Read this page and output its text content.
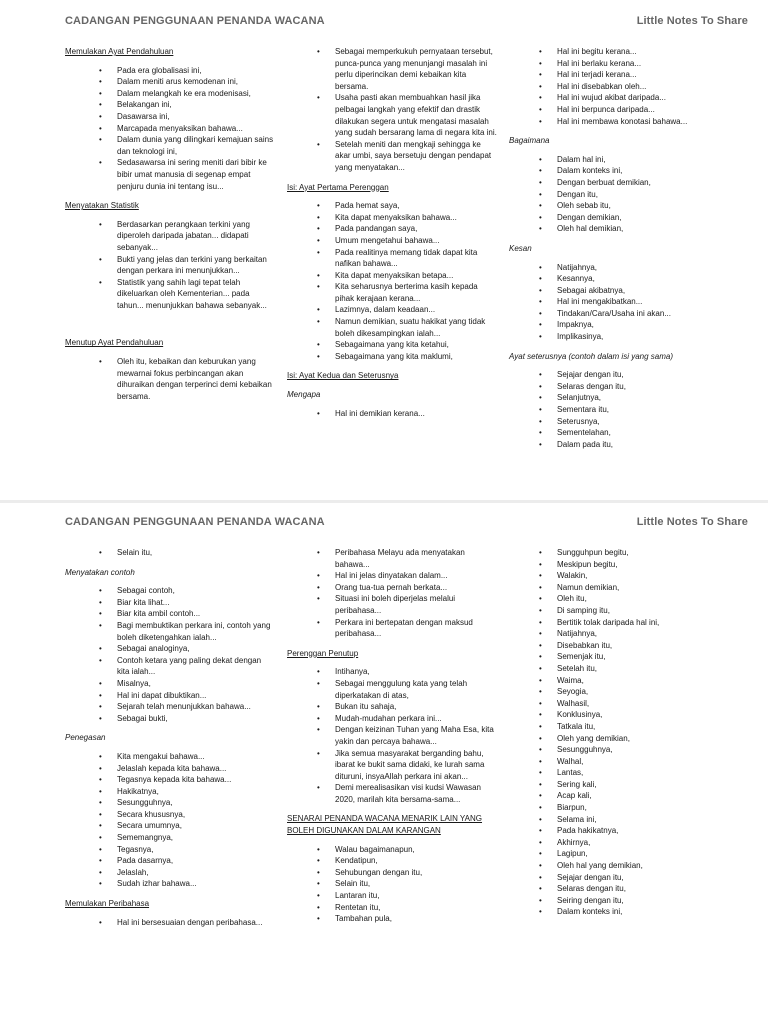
CADANGAN PENGGUNAAN PENANDA WACANA	Little Notes To Share
Memulakan Ayat Pendahuluan
• Pada era globalisasi ini,
• Dalam meniti arus kemodenan ini,
• Dalam melangkah ke era modenisasi,
• Belakangan ini,
• Dasawarsa ini,
• Marcapada menyaksikan bahawa...
• Dalam dunia yang dilingkari kemajuan sains dan teknologi ini,
• Sedasawarsa ini sering meniti dari bibir ke bibir umat manusia di segenap empat penjuru dunia ini tentang isu...
Menyatakan Statistik
• Berdasarkan perangkaan terkini yang diperoleh daripada jabatan... didapati sebanyak...
• Bukti yang jelas dan terkini yang berkaitan dengan perkara ini menunjukkan...
• Statistik yang sahih lagi tepat telah dikeluarkan oleh Kementerian... pada tahun... menunjukkan bahawa sebanyak...
Menutup Ayat Pendahuluan
• Oleh itu, kebaikan dan keburukan yang mewarnai fokus perbincangan akan dihuraikan dengan terperinci demi kebaikan bersama.
• Sebagai memperkukuh pernyataan tersebut, punca-punca yang menunjangi masalah ini perlu diperincikan demi kebaikan kita bersama.
• Usaha pasti akan membuahkan hasil jika pelbagai langkah yang efektif dan drastik dilakukan segera untuk mengatasi masalah yang sudah bersarang lama di negara kita ini.
• Setelah meniti dan mengkaji sehingga ke akar umbi, saya bersetuju dengan pendapat yang menyatakan...
Isi: Ayat Pertama Perenggan
• Pada hemat saya,
• Kita dapat menyaksikan bahawa...
• Pada pandangan saya,
• Umum mengetahui bahawa...
• Pada realitinya memang tidak dapat kita nafikan bahawa...
• Kita dapat menyaksikan betapa...
• Kita seharusnya berterima kasih kepada pihak kerajaan kerana...
• Lazimnya, dalam keadaan...
• Namun demikian, suatu hakikat yang tidak boleh dikesampingkan ialah...
• Sebagaimana yang kita ketahui,
• Sebagaimana yang kita maklumi,
Isi: Ayat Kedua dan Seterusnya
Mengapa
• Hal ini demikian kerana...
• Hal ini begitu kerana...
• Hal ini berlaku kerana...
• Hal ini terjadi kerana...
• Hal ini disebabkan oleh...
• Hal ini wujud akibat daripada...
• Hal ini berpunca daripada...
• Hal ini membawa konotasi bahawa...
Bagaimana
• Dalam hal ini,
• Dalam konteks ini,
• Dengan berbuat demikian,
• Dengan itu,
• Oleh sebab itu,
• Dengan demikian,
• Oleh hal demikian,
Kesan
• Natijahnya,
• Kesannya,
• Sebagai akibatnya,
• Hal ini mengakibatkan...
• Tindakan/Cara/Usaha ini akan...
• Impaknya,
• Implikasinya,
Ayat seterusnya (contoh dalam isi yang sama)
• Sejajar dengan itu,
• Selaras dengan itu,
• Selanjutnya,
• Sementara itu,
• Seterusnya,
• Sementelahan,
• Dalam pada itu,
CADANGAN PENGGUNAAN PENANDA WACANA	Little Notes To Share
• Selain itu,
Menyatakan contoh
• Sebagai contoh,
• Biar kita lihat...
• Biar kita ambil contoh...
• Bagi membuktikan perkara ini, contoh yang boleh diketengahkan ialah...
• Sebagai analoginya,
• Contoh ketara yang paling dekat dengan kita ialah...
• Misalnya,
• Hal ini dapat dibuktikan...
• Sejarah telah menunjukkan bahawa...
• Sebagai bukti,
Penegasan
• Kita mengakui bahawa...
• Jelaslah kepada kita bahawa...
• Tegasnya kepada kita bahawa...
• Hakikatnya,
• Sesungguhnya,
• Secara khususnya,
• Secara umumnya,
• Sememangnya,
• Tegasnya,
• Pada dasarnya,
• Jelaslah,
• Sudah izhar bahawa...
Memulakan Peribahasa
• Hal ini bersesuaian dengan peribahasa...
• Peribahasa Melayu ada menyatakan bahawa...
• Hal ini jelas dinyatakan dalam...
• Orang tua-tua pernah berkata...
• Situasi ini boleh diperjelas melalui peribahasa...
• Perkara ini bertepatan dengan maksud peribahasa...
Perenggan Penutup
• Intihanya,
• Sebagai menggulung kata yang telah diperkatakan di atas,
• Bukan itu sahaja,
• Mudah-mudahan perkara ini...
• Dengan keizinan Tuhan yang Maha Esa, kita yakin dan percaya bahawa...
• Jika semua masyarakat berganding bahu, ibarat ke bukit sama didaki, ke lurah sama dituruni, insyaAllah perkara ini akan...
• Demi merealisasikan visi kudsi Wawasan 2020, marilah kita bersama-sama...
SENARAI PENANDA WACANA MENARIK LAIN YANG BOLEH DIGUNAKAN DALAM KARANGAN
• Walau bagaimanapun,
• Kendatipun,
• Sehubungan dengan itu,
• Selain itu,
• Lantaran itu,
• Rentetan itu,
• Tambahan pula,
• Sungguhpun begitu,
• Meskipun begitu,
• Walakin,
• Namun demikian,
• Oleh itu,
• Di samping itu,
• Bertitik tolak daripada hal ini,
• Natijahnya,
• Disebabkan itu,
• Semenjak itu,
• Setelah itu,
• Waima,
• Seyogia,
• Walhasil,
• Konklusinya,
• Tatkala itu,
• Oleh yang demikian,
• Sesungguhnya,
• Walhal,
• Lantas,
• Sering kali,
• Acap kali,
• Biarpun,
• Selama ini,
• Pada hakikatnya,
• Akhirnya,
• Lagipun,
• Oleh hal yang demikian,
• Sejajar dengan itu,
• Selaras dengan itu,
• Seiring dengan itu,
• Dalam konteks ini,
